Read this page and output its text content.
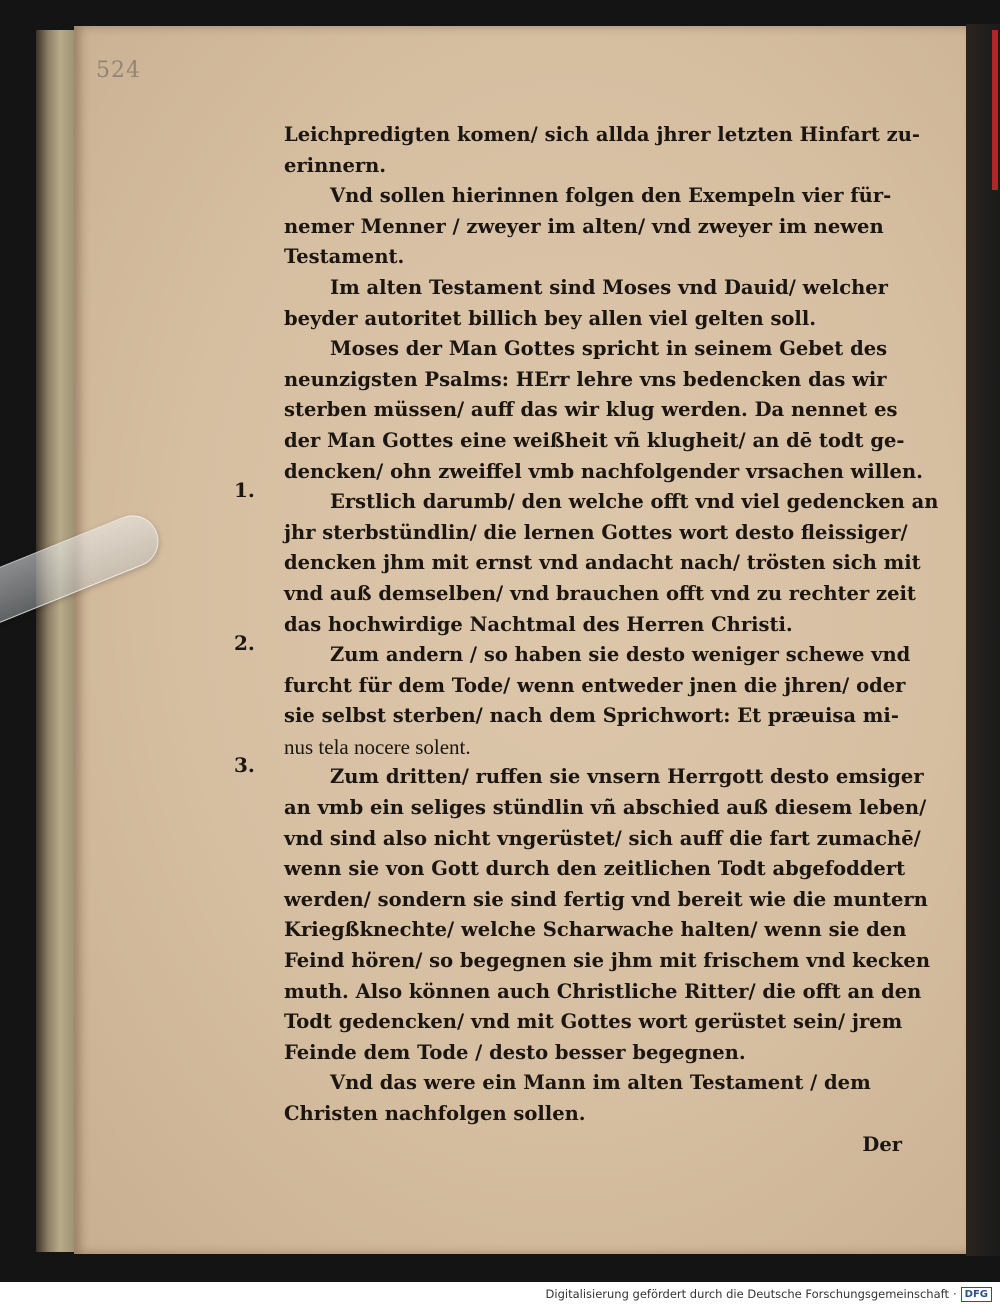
524
1.
2.
3.
Leichpredigten komen/ sich allda jhrer letzten Hinfart zu-
erinnern.
Vnd sollen hierinnen folgen den Exempeln vier für-
nemer Menner / zweyer im alten/ vnd zweyer im newen
Testament.
Im alten Testament sind Moses vnd Dauid/ welcher
beyder autoritet billich bey allen viel gelten soll.
Moses der Man Gottes spricht in seinem Gebet des
neunzigsten Psalms: HErr lehre vns bedencken das wir
sterben müssen/ auff das wir klug werden. Da nennet es
der Man Gottes eine weißheit vñ klugheit/ an dē todt ge-
dencken/ ohn zweiffel vmb nachfolgender vrsachen willen.
Erstlich darumb/ den welche offt vnd viel gedencken an
jhr sterbstündlin/ die lernen Gottes wort desto fleissiger/
dencken jhm mit ernst vnd andacht nach/ trösten sich mit
vnd auß demselben/ vnd brauchen offt vnd zu rechter zeit
das hochwirdige Nachtmal des Herren Christi.
Zum andern / so haben sie desto weniger schewe vnd
furcht für dem Tode/ wenn entweder jnen die jhren/ oder
sie selbst sterben/ nach dem Sprichwort: Et præuisa mi-
nus tela nocere solent.
Zum dritten/ ruffen sie vnsern Herrgott desto emsiger
an vmb ein seliges stündlin vñ abschied auß diesem leben/
vnd sind also nicht vngerüstet/ sich auff die fart zumachē/
wenn sie von Gott durch den zeitlichen Todt abgefoddert
werden/ sondern sie sind fertig vnd bereit wie die muntern
Kriegßknechte/ welche Scharwache halten/ wenn sie den
Feind hören/ so begegnen sie jhm mit frischem vnd kecken
muth. Also können auch Christliche Ritter/ die offt an den
Todt gedencken/ vnd mit Gottes wort gerüstet sein/ jrem
Feinde dem Tode / desto besser begegnen.
Vnd das were ein Mann im alten Testament / dem
Christen nachfolgen sollen.
Der
Digitalisierung gefördert durch die Deutsche Forschungsgemeinschaft · DFG
